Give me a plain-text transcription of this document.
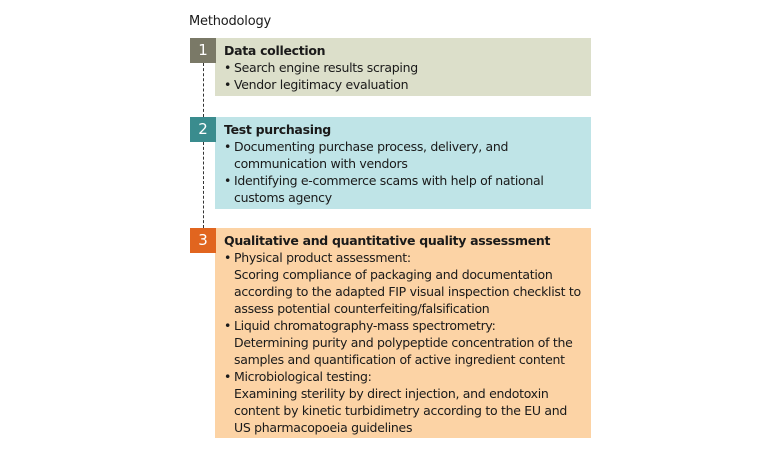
Methodology
Data collection
• Search engine results scraping
• Vendor legitimacy evaluation
1
Test purchasing
• Documenting purchase process, delivery, and communication with vendors
• Identifying e-commerce scams with help of national customs agency
2
Qualitative and quantitative quality assessment
• Physical product assessment:
Scoring compliance of packaging and documentation according to the adapted FIP visual inspection checklist to assess potential counterfeiting/falsification
• Liquid chromatography-mass spectrometry:
Determining purity and polypeptide concentration of the samples and quantification of active ingredient content
• Microbiological testing:
Examining sterility by direct injection, and endotoxin content by kinetic turbidimetry according to the EU and US pharmacopoeia guidelines
3
